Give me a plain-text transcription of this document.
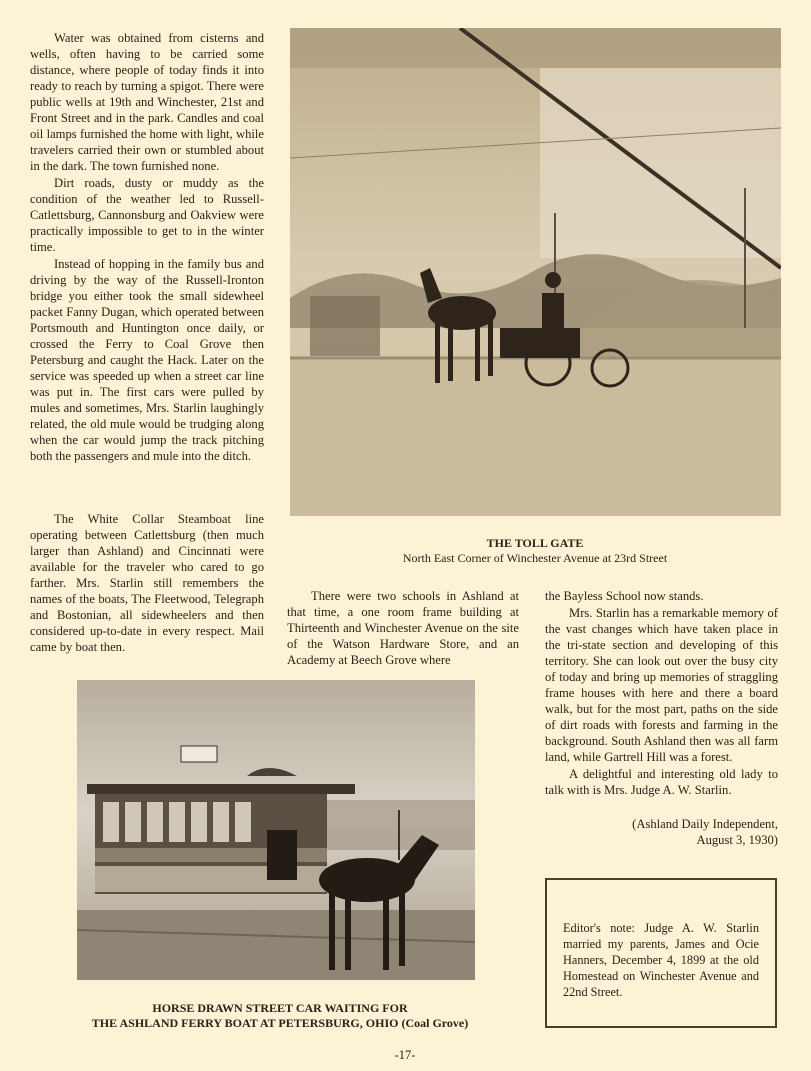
Water was obtained from cisterns and wells, often having to be carried some distance, where people of today finds it into ready to reach by turning a spigot. There were public wells at 19th and Winchester, 21st and Front Street and in the park. Candles and coal oil lamps furnished the home with light, while travelers carried their own or stumbled about in the dark. The town furnished none.

Dirt roads, dusty or muddy as the condition of the weather led to Russell-Catlettsburg, Cannonsburg and Oakview were practically impossible to get to in the winter time.

Instead of hopping in the family bus and driving by the way of the Russell-Ironton bridge you either took the small sidewheel packet Fanny Dugan, which operated between Portsmouth and Huntington once daily, or crossed the Ferry to Coal Grove then Petersburg and caught the Hack. Later on the service was speeded up when a street car line was put in. The first cars were pulled by mules and sometimes, Mrs. Starlin laughingly related, the old mule would be trudging along when the car would jump the track pitching both the passengers and mule into the ditch.

THE TOLL GATE
North East Corner of Winchester Avenue at 23rd Street

The White Collar Steamboat line operating between Catlettsburg (then much larger than Ashland) and Cincinnati were available for the traveler who cared to go farther. Mrs. Starlin still remembers the names of the boats, The Fleetwood, Telegraph and Bostonian, all sidewheelers and then considered up-to-date in every respect. Mail came by boat then.

There were two schools in Ashland at that time, a one room frame building at Thirteenth and Winchester Avenue on the site of the Watson Hardware Store, and an Academy at Beech Grove where

the Bayless School now stands.

Mrs. Starlin has a remarkable memory of the vast changes which have taken place in the tri-state section and developing of this territory. She can look out over the busy city of today and bring up memories of straggling frame houses with here and there a board walk, but for the most part, paths on the side of dirt roads with forests and farming in the background. South Ashland then was all farm land, while Gartrell Hill was a forest.

A delightful and interesting old lady to talk with is Mrs. Judge A. W. Starlin.

(Ashland Daily Independent,
August 3, 1930)

HORSE DRAWN STREET CAR WAITING FOR
THE ASHLAND FERRY BOAT AT PETERSBURG, OHIO (Coal Grove)
Editor's note: Judge A. W. Starlin married my parents, James and Ocie Hanners, December 4, 1899 at the old Homestead on Winchester Avenue and 22nd Street.
-17-
